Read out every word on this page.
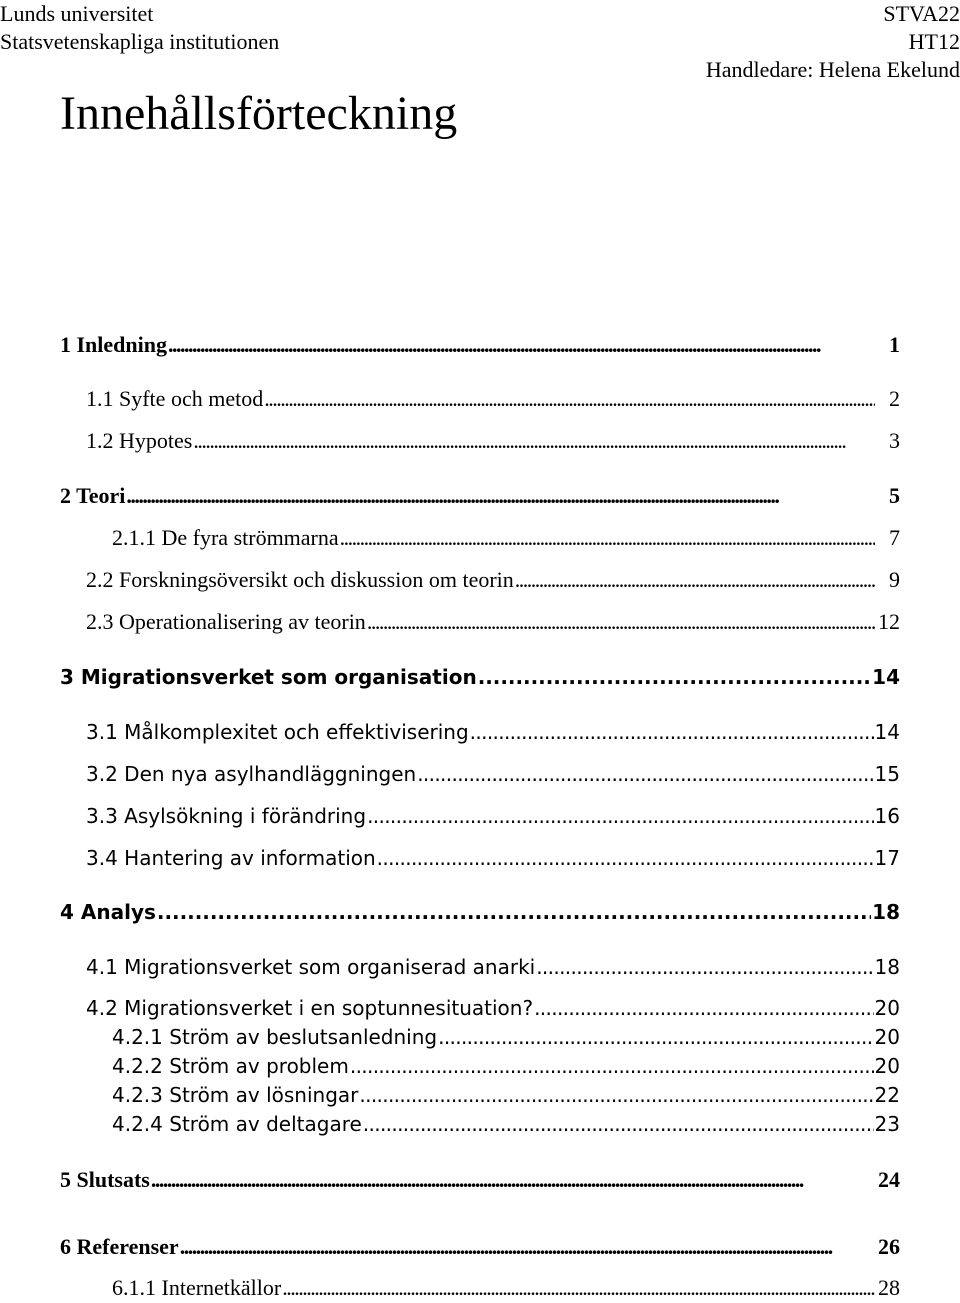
Lunds universitet
Statsvetenskapliga institutionen
STVA22
HT12
Handledare: Helena Ekelund
Innehållsförteckning
1 Inledning . . .	1
1.1 Syfte och metod . . .	2
1.2 Hypotes . . .	3
2 Teori . . .	5
2.1.1 De fyra strömmarna . . .	7
2.2 Forskningsöversikt och diskussion om teorin . . .	9
2.3 Operationalisering av teorin . . .	12
3 Migrationsverket som organisation . . .	14
3.1 Målkomplexitet och effektivisering . . .	14
3.2 Den nya asylhandläggningen . . .	15
3.3 Asylsökning i förändring . . .	16
3.4 Hantering av information . . .	17
4 Analys . . .	18
4.1 Migrationsverket som organiserad anarki . . .	18
4.2 Migrationsverket i en soptunnesituation? . . .	20
4.2.1 Ström av beslutsanledning . . .	20
4.2.2 Ström av problem . . .	20
4.2.3 Ström av lösningar . . .	22
4.2.4 Ström av deltagare . . .	23
5 Slutsats . . .	24
6 Referenser . . .	26
6.1.1 Internetkällor . . .	28
